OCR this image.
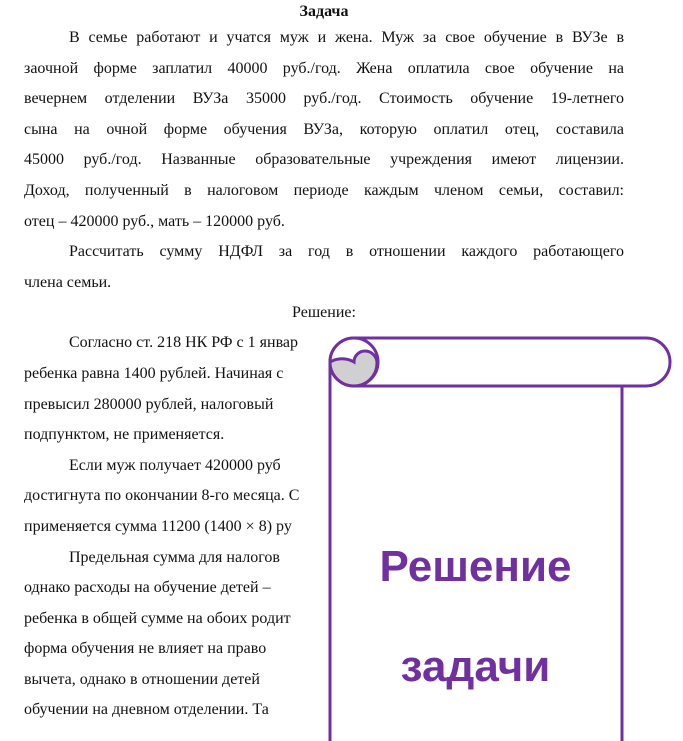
Задача
В семье работают и учатся муж и жена. Муж за свое обучение в ВУЗе в
заочной форме заплатил 40000 руб./год. Жена оплатила свое обучение на
вечернем отделении ВУЗа 35000 руб./год. Стоимость обучение 19-летнего
сына на очной форме обучения ВУЗа, которую оплатил отец, составила
45000 руб./год. Названные образовательные учреждения имеют лицензии.
Доход, полученный в налоговом периоде каждым членом семьи, составил:
отец – 420000 руб., мать – 120000 руб.
Рассчитать сумму НДФЛ за год в отношении каждого работающего
члена семьи.
Решение:
Согласно ст. 218 НК РФ с 1 январ
ребенка равна 1400 рублей. Начиная с
превысил 280000 рублей, налоговый
подпунктом, не применяется.
Если муж получает 420000 руб
достигнута по окончании 8-го месяца. С
применяется сумма 11200 (1400 × 8) ру
Предельная сумма для налогов
однако расходы на обучение детей –
ребенка в общей сумме на обоих родит
форма обучения не влияет на право
вычета, однако в отношении детей
обучении на дневном отделении. Та
Решение
задачи
